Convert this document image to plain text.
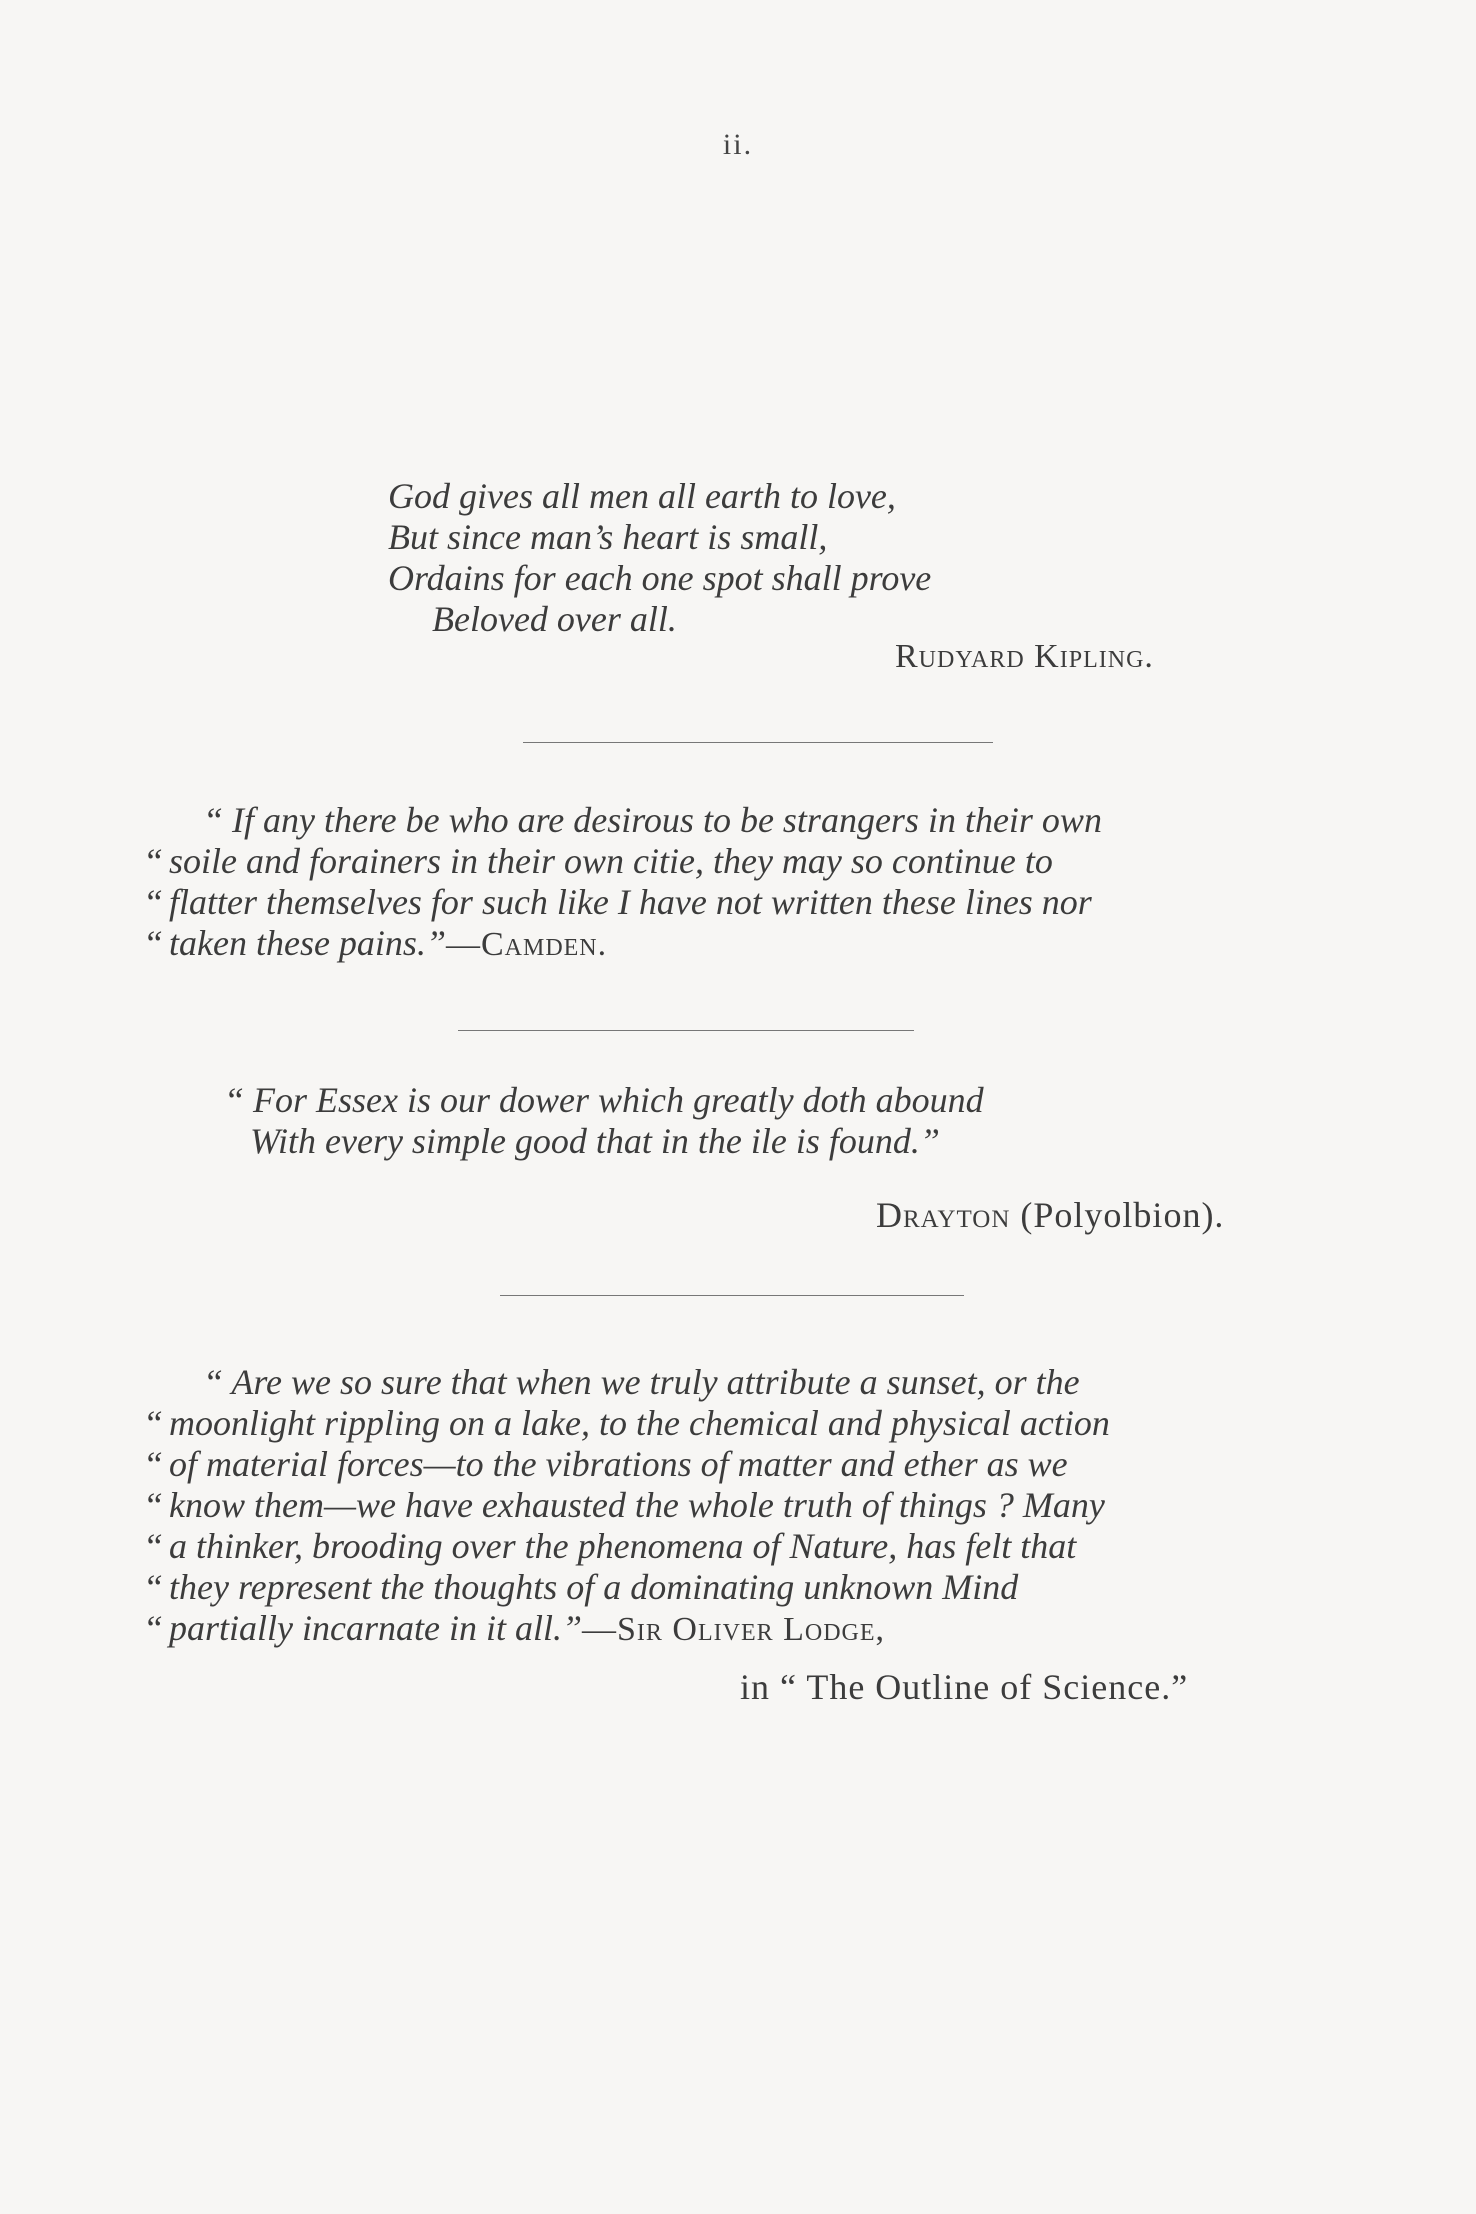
ii.

God gives all men all earth to love,

But since man’s heart is small,

Ordains for each one spot shall prove

Beloved over all.

Rudyard Kipling.

“ If any there be who are desirous to be strangers in their own

“ soile and forainers in their own citie, they may so continue to

“ flatter themselves for such like I have not written these lines nor

“ taken these pains.”—Camden.

“ For Essex is our dower which greatly doth abound

With every simple good that in the ile is found.”

Drayton (Polyolbion).

“ Are we so sure that when we truly attribute a sunset, or the

“ moonlight rippling on a lake, to the chemical and physical action

“ of material forces—to the vibrations of matter and ether as we

“ know them—we have exhausted the whole truth of things ? Many

“ a thinker, brooding over the phenomena of Nature, has felt that

“ they represent the thoughts of a dominating unknown Mind

“ partially incarnate in it all.”—Sir Oliver Lodge,

in “ The Outline of Science.”
